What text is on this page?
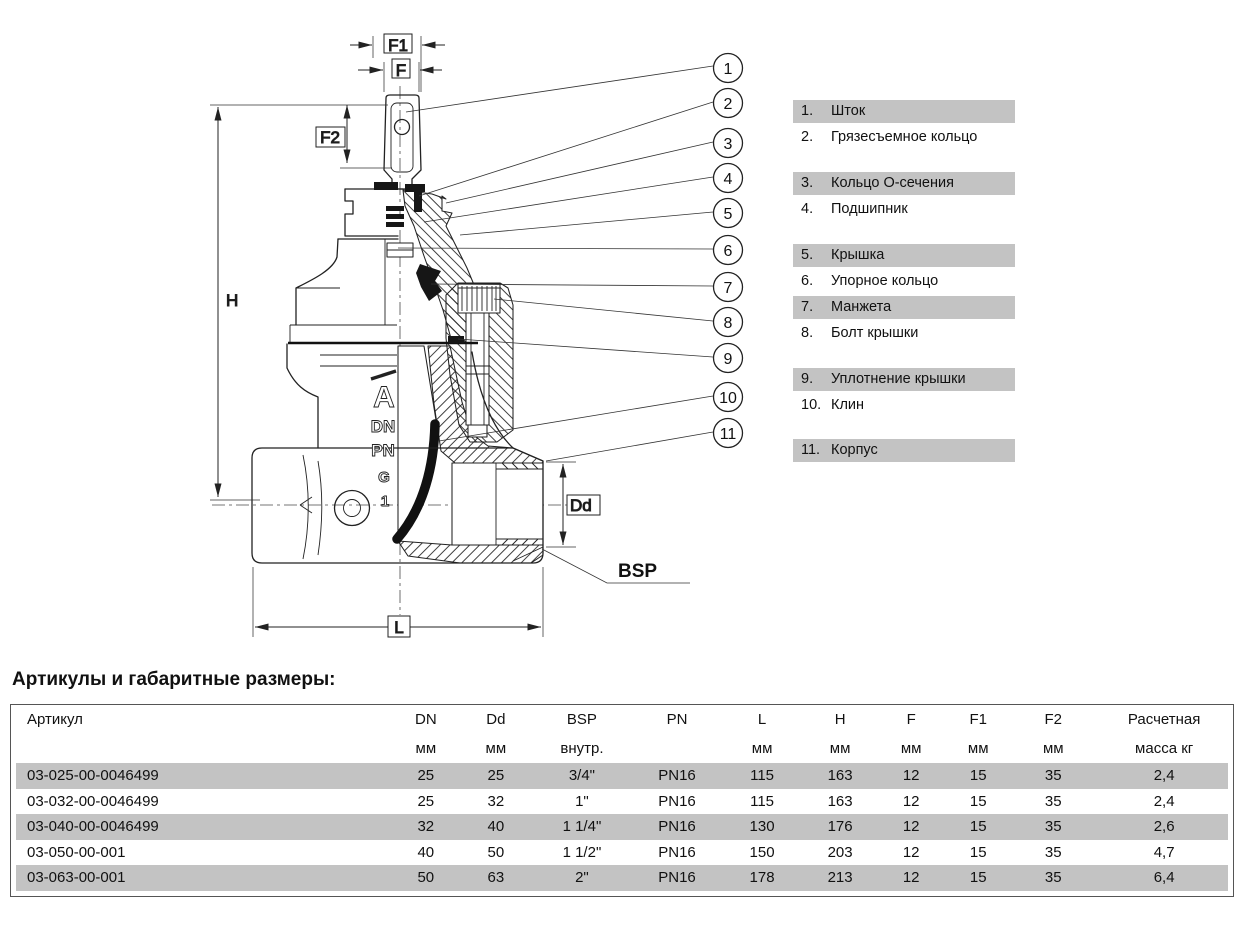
A
DN
PN
G
1
F1
F
F2
H
L
Dd
BSP
1
2
3
4
5
6
7
8
9
10
11
1.	Шток
2.	Грязесъемное кольцо
3.	Кольцо О-сечения
4.	Подшипник
5.	Крышка
6.	Упорное кольцо
7.	Манжета
8.	Болт крышки
9.	Уплотнение крышки
10. Клин
11. Корпус
Артикулы и габаритные размеры:
Артикул	DN	Dd	BSP	PN	L	H	F	F1	F2	Расчетная
	мм	мм	внутр.		мм	мм	мм	мм	мм	масса кг
03-025-00-0046499	25	25	3/4"	PN16	115	163	12	15	35	2,4
03-032-00-0046499	25	32	1"	PN16	115	163	12	15	35	2,4
03-040-00-0046499	32	40	1 1/4"	PN16	130	176	12	15	35	2,6
03-050-00-001	40	50	1 1/2"	PN16	150	203	12	15	35	4,7
03-063-00-001	50	63	2"	PN16	178	213	12	15	35	6,4
